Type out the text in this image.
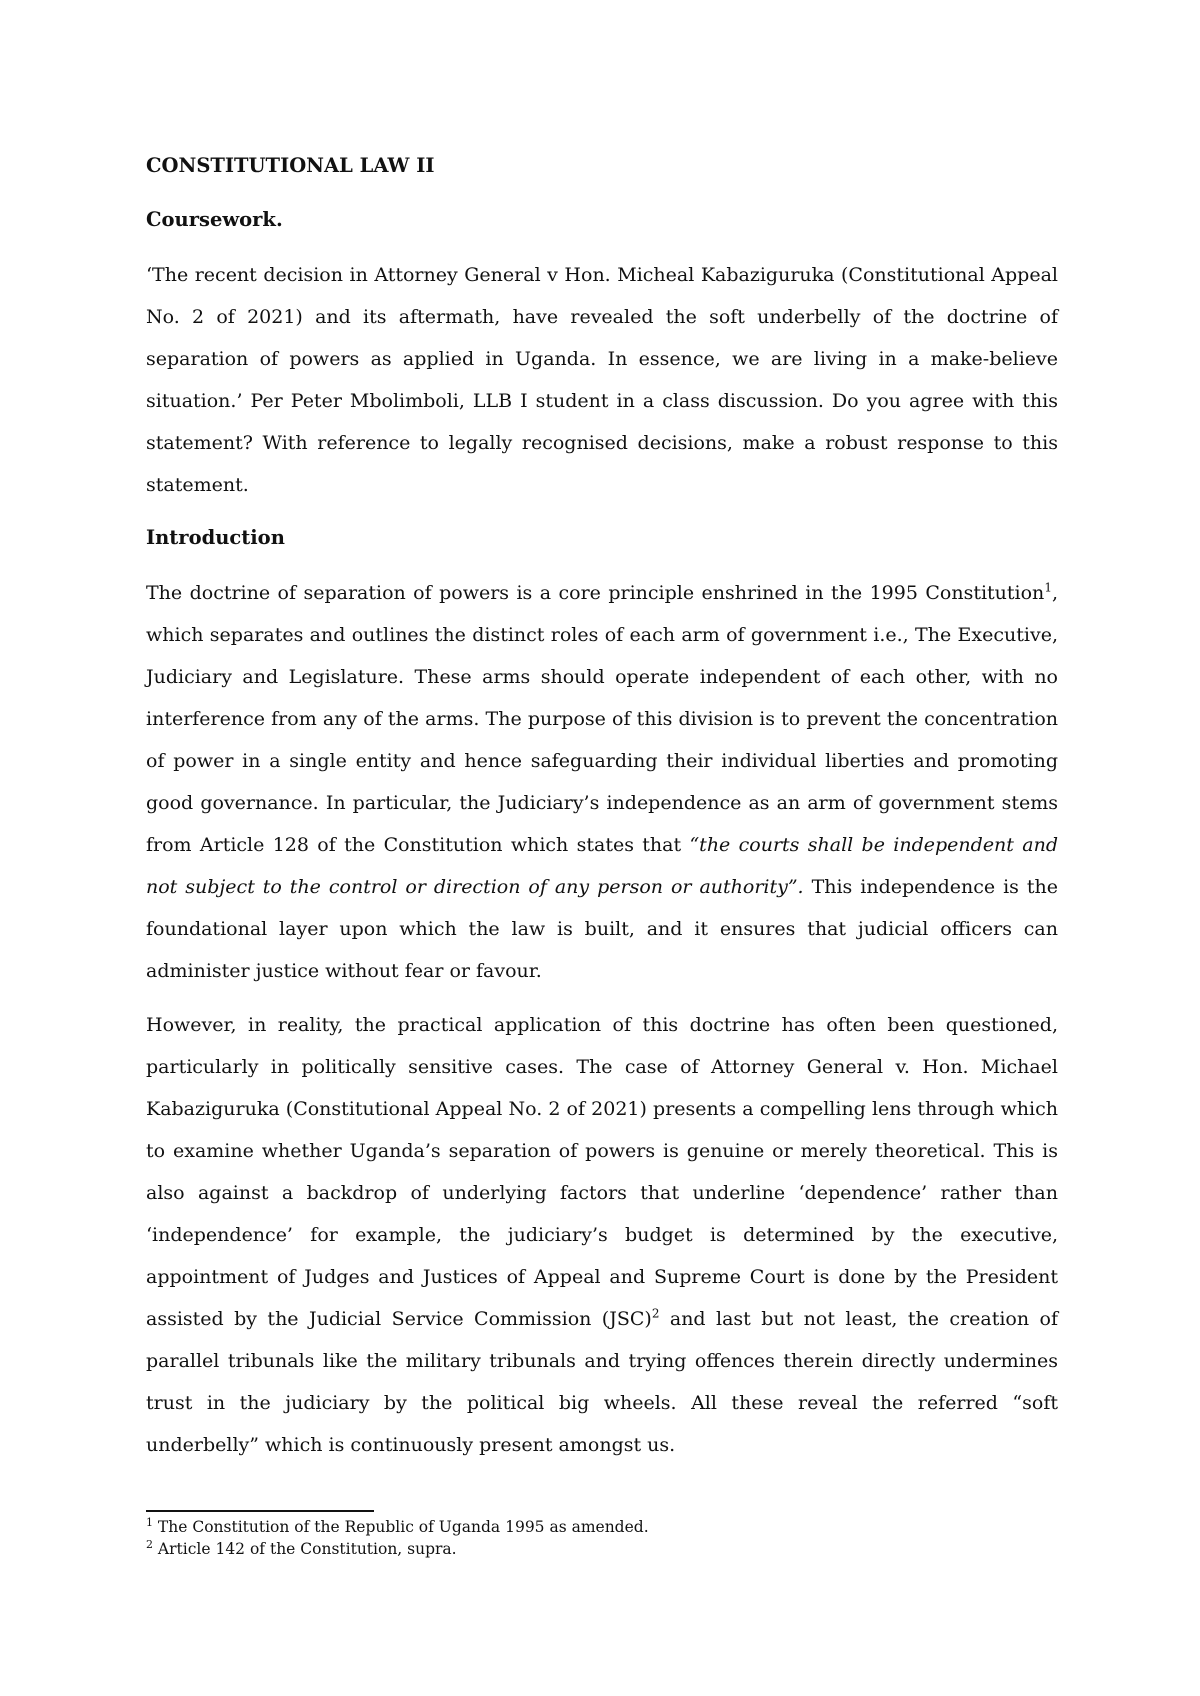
CONSTITUTIONAL LAW II
Coursework.

‘The recent decision in Attorney General v Hon. Micheal Kabaziguruka (Constitutional Appeal No. 2 of 2021) and its aftermath, have revealed the soft underbelly of the doctrine of separation of powers as applied in Uganda. In essence, we are living in a make-believe situation.’ Per Peter Mbolimboli, LLB I student in a class discussion. Do you agree with this statement? With reference to legally recognised decisions, make a robust response to this statement.

Introduction

The doctrine of separation of powers is a core principle enshrined in the 1995 Constitution$^1$, which separates and outlines the distinct roles of each arm of government i.e., The Executive, Judiciary and Legislature. These arms should operate independent of each other, with no interference from any of the arms. The purpose of this division is to prevent the concentration of power in a single entity and hence safeguarding their individual liberties and promoting good governance. In particular, the Judiciary’s independence as an arm of government stems from Article 128 of the Constitution which states that “the courts shall be independent and not subject to the control or direction of any person or authority”. This independence is the foundational layer upon which the law is built, and it ensures that judicial officers can administer justice without fear or favour.

However, in reality, the practical application of this doctrine has often been questioned, particularly in politically sensitive cases. The case of Attorney General v. Hon. Michael Kabaziguruka (Constitutional Appeal No. 2 of 2021) presents a compelling lens through which to examine whether Uganda’s separation of powers is genuine or merely theoretical. This is also against a backdrop of underlying factors that underline ‘dependence’ rather than ‘independence’ for example, the judiciary’s budget is determined by the executive, appointment of Judges and Justices of Appeal and Supreme Court is done by the President assisted by the Judicial Service Commission (JSC)$^2$ and last but not least, the creation of parallel tribunals like the military tribunals and trying offences therein directly undermines trust in the judiciary by the political big wheels. All these reveal the referred “soft underbelly” which is continuously present amongst us.

$^1$ The Constitution of the Republic of Uganda 1995 as amended.

$^2$ Article 142 of the Constitution, supra.
